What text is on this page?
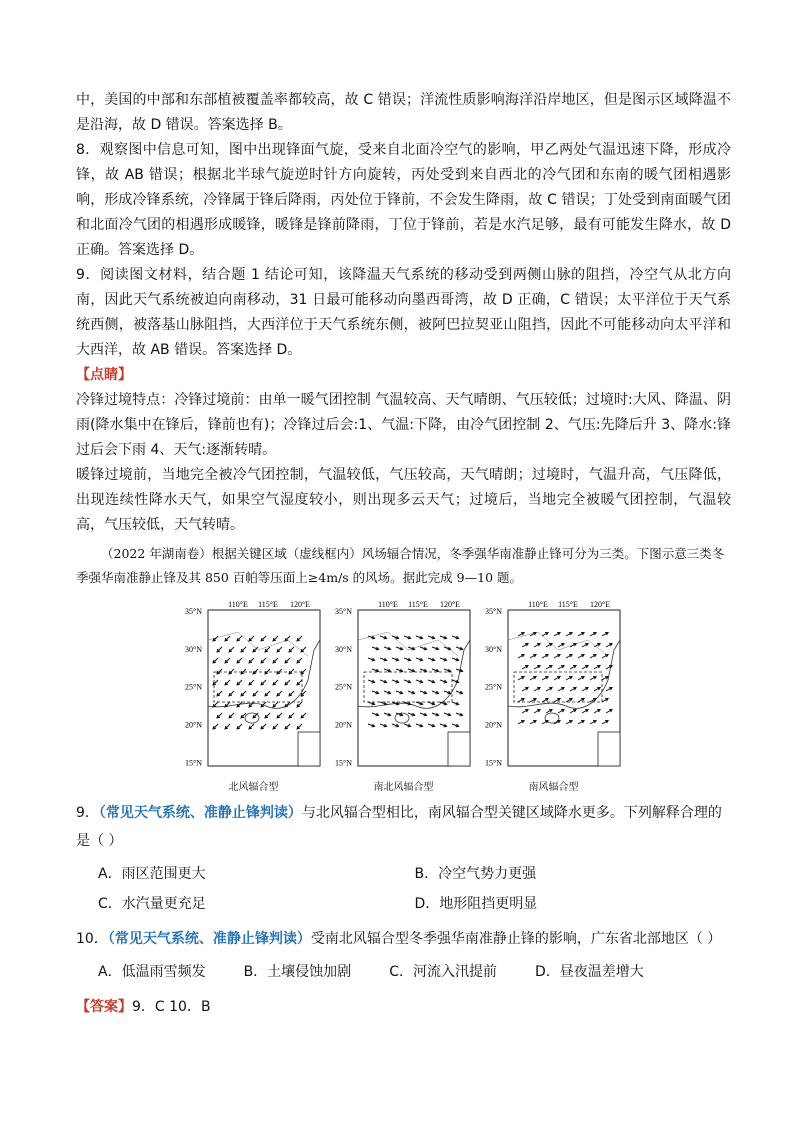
中，美国的中部和东部植被覆盖率都较高，故 C 错误；洋流性质影响海洋沿岸地区，但是图示区域降温不是沿海，故 D 错误。答案选择 B。

8．观察图中信息可知，图中出现锋面气旋，受来自北面冷空气的影响，甲乙两处气温迅速下降，形成冷锋，故 AB 错误；根据北半球气旋逆时针方向旋转，丙处受到来自西北的冷气团和东南的暖气团相遇影响，形成冷锋系统，冷锋属于锋后降雨，丙处位于锋前，不会发生降雨，故 C 错误；丁处受到南面暖气团和北面冷气团的相遇形成暖锋，暖锋是锋前降雨，丁位于锋前，若是水汽足够，最有可能发生降水，故 D 正确。答案选择 D。

9．阅读图文材料，结合题 1 结论可知，该降温天气系统的移动受到两侧山脉的阻挡，冷空气从北方向南，因此天气系统被迫向南移动，31 日最可能移动向墨西哥湾，故 D 正确，C 错误；太平洋位于天气系统西侧，被落基山脉阻挡，大西洋位于天气系统东侧，被阿巴拉契亚山阻挡，因此不可能移动向太平洋和大西洋，故 AB 错误。答案选择 D。

【点睛】

冷锋过境特点：冷锋过境前：由单一暖气团控制 气温较高、天气晴朗、气压较低；过境时:大风、降温、阴雨(降水集中在锋后，锋前也有)；冷锋过后会:1、气温:下降，由冷气团控制 2、气压:先降后升 3、降水:锋过后会下雨 4、天气:逐渐转晴。

暖锋过境前，当地完全被冷气团控制，气温较低，气压较高，天气晴朗；过境时，气温升高，气压降低，出现连续性降水天气，如果空气湿度较小，则出现多云天气；过境后，当地完全被暖气团控制，气温较高，气压较低，天气转晴。

（2022 年湖南卷）根据关键区域（虚线框内）风场辐合情况，冬季强华南准静止锋可分为三类。下图示意三类冬季强华南准静止锋及其 850 百帕等压面上≥4m/s 的风场。据此完成 9—10 题。

110°E 115°E 120°E
35°N
30°N
25°N
20°N
15°N
北风辐合型
110°E 115°E 120°E
35°N
30°N
25°N
20°N
15°N
南北风辐合型
110°E 115°E 120°E
35°N
30°N
25°N
20°N
15°N
南风辐合型
9．（常见天气系统、准静止锋判读）与北风辐合型相比，南风辐合型关键区域降水更多。下列解释合理的是（ ）
A．雨区范围更大	B．冷空气势力更强
C．水汽量更充足	D．地形阻挡更明显
10．（常见天气系统、准静止锋判读）受南北风辐合型冬季强华南准静止锋的影响，广东省北部地区（ ）
A．低温雨雪频发	B．土壤侵蚀加剧	C．河流入汛提前	D．昼夜温差增大
【答案】9．C 10．B
